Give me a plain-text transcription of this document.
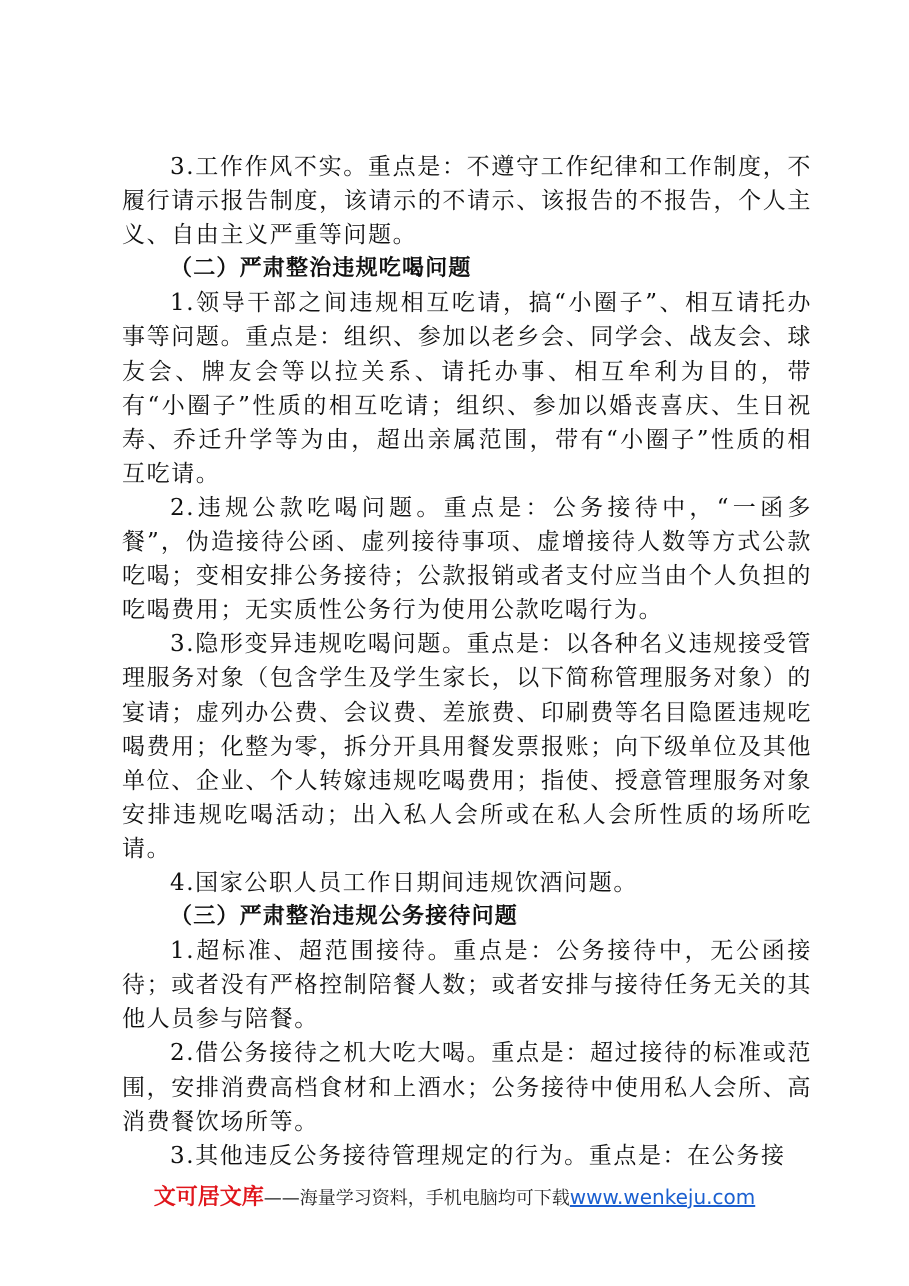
3.工作作风不实。重点是：不遵守工作纪律和工作制度，不履行请示报告制度，该请示的不请示、该报告的不报告，个人主义、自由主义严重等问题。

（二）严肃整治违规吃喝问题

1.领导干部之间违规相互吃请，搞“小圈子”、相互请托办事等问题。重点是：组织、参加以老乡会、同学会、战友会、球友会、牌友会等以拉关系、请托办事、相互牟利为目的，带有“小圈子”性质的相互吃请；组织、参加以婚丧喜庆、生日祝寿、乔迁升学等为由，超出亲属范围，带有“小圈子”性质的相互吃请。

2.违规公款吃喝问题。重点是：公务接待中，“一函多餐”，伪造接待公函、虚列接待事项、虚增接待人数等方式公款吃喝；变相安排公务接待；公款报销或者支付应当由个人负担的吃喝费用；无实质性公务行为使用公款吃喝行为。

3.隐形变异违规吃喝问题。重点是：以各种名义违规接受管理服务对象（包含学生及学生家长，以下简称管理服务对象）的宴请；虚列办公费、会议费、差旅费、印刷费等名目隐匿违规吃喝费用；化整为零，拆分开具用餐发票报账；向下级单位及其他单位、企业、个人转嫁违规吃喝费用；指使、授意管理服务对象安排违规吃喝活动；出入私人会所或在私人会所性质的场所吃请。

4.国家公职人员工作日期间违规饮酒问题。

（三）严肃整治违规公务接待问题

1.超标准、超范围接待。重点是：公务接待中，无公函接待；或者没有严格控制陪餐人数；或者安排与接待任务无关的其他人员参与陪餐。

2.借公务接待之机大吃大喝。重点是：超过接待的标准或范围，安排消费高档食材和上酒水；公务接待中使用私人会所、高消费餐饮场所等。

3.其他违反公务接待管理规定的行为。重点是：在公务接

文可居文库——海量学习资料，手机电脑均可下载www.wenkeju.com
